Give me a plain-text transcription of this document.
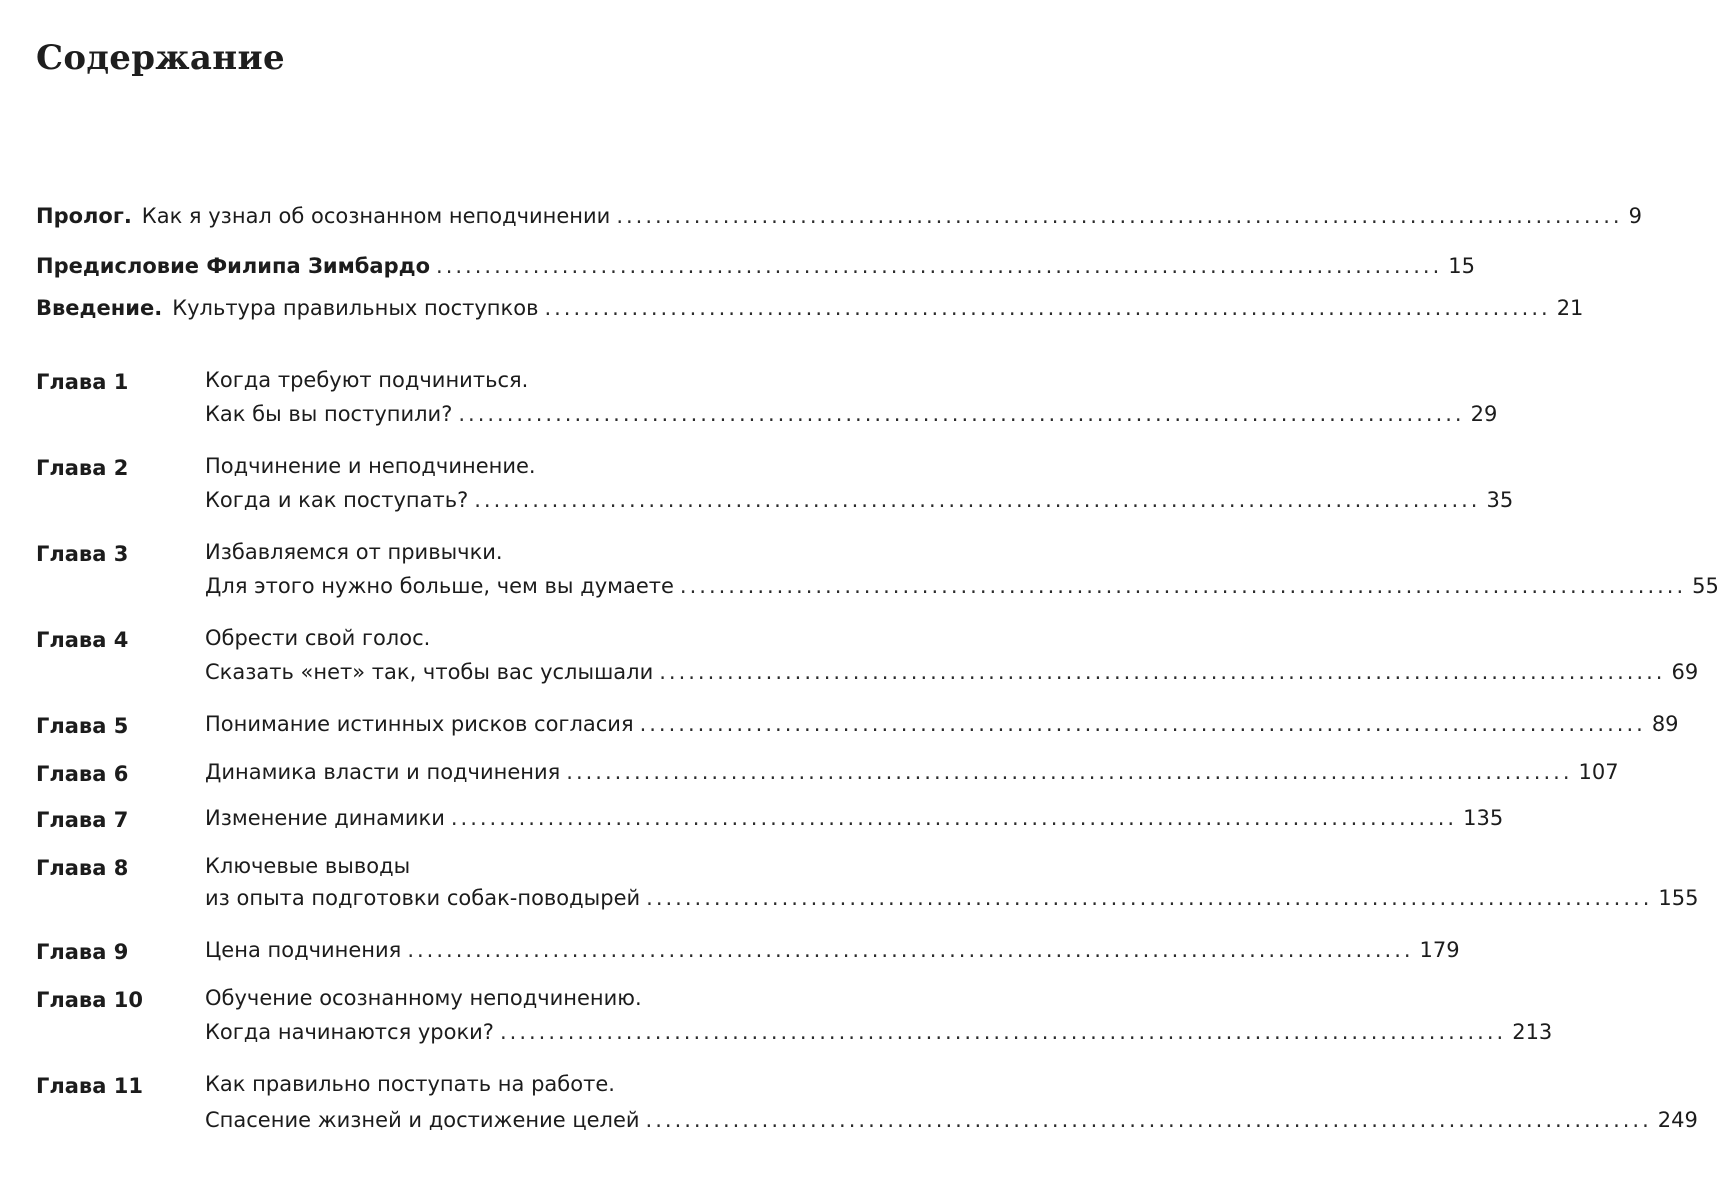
Содержание
Пролог. Как я узнал об осознанном неподчинении ........................................................................................................ 9
Предисловие Филипа Зимбардо ........................................................................................................ 15
Введение. Культура правильных поступков ........................................................................................................ 21
Глава 1	Когда требуют подчиниться.
Как бы вы поступили? ........................................................................................................ 29
Глава 2	Подчинение и неподчинение.
Когда и как поступать? ........................................................................................................ 35
Глава 3	Избавляемся от привычки.
Для этого нужно больше, чем вы думаете ........................................................................................................ 55
Глава 4	Обрести свой голос.
Сказать «нет» так, чтобы вас услышали ........................................................................................................ 69
Глава 5	Понимание истинных рисков согласия ........................................................................................................ 89
Глава 6	Динамика власти и подчинения ........................................................................................................ 107
Глава 7	Изменение динамики ........................................................................................................ 135
Глава 8	Ключевые выводы
из опыта подготовки собак-поводырей ........................................................................................................ 155
Глава 9	Цена подчинения ........................................................................................................ 179
Глава 10	Обучение осознанному неподчинению.
Когда начинаются уроки? ........................................................................................................ 213
Глава 11	Как правильно поступать на работе.
Спасение жизней и достижение целей ........................................................................................................ 249
